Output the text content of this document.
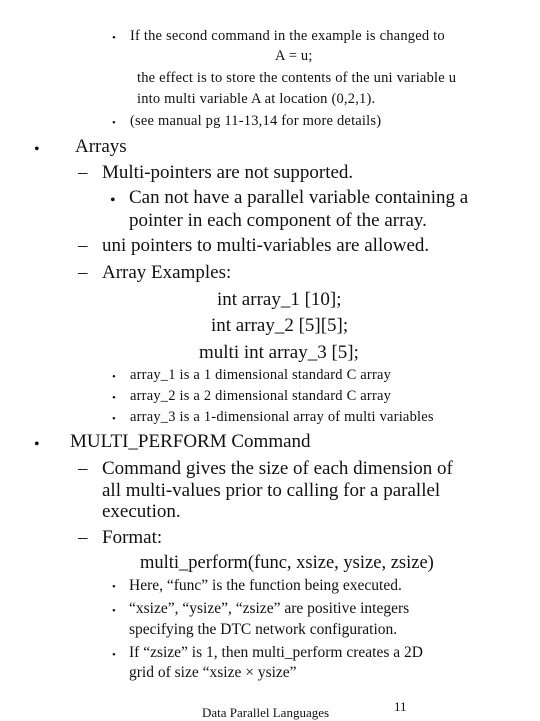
• If the second command in the example is changed to
A = u;
the effect is to store the contents of the uni variable u
into multi variable A at location (0,2,1).
• (see manual pg 11-13,14 for more details)
• Arrays
– Multi-pointers are not supported.
• Can not have a parallel variable containing a
pointer in each component of the array.
– uni pointers to multi-variables are allowed.
– Array Examples:
int array_1 [10];
int array_2 [5][5];
multi int array_3 [5];
• array_1 is a 1 dimensional standard C array
• array_2 is a 2 dimensional standard C array
• array_3 is a 1-dimensional array of multi variables
• MULTI_PERFORM Command
– Command gives the size of each dimension of
all multi-values prior to calling for a parallel
execution.
– Format:
multi_perform(func, xsize, ysize, zsize)
• Here, “func” is the function being executed.
• “xsize”, “ysize”, “zsize” are positive integers
specifying the DTC network configuration.
• If “zsize” is 1, then multi_perform creates a 2D
grid of size “xsize × ysize”
Data Parallel Languages	11
